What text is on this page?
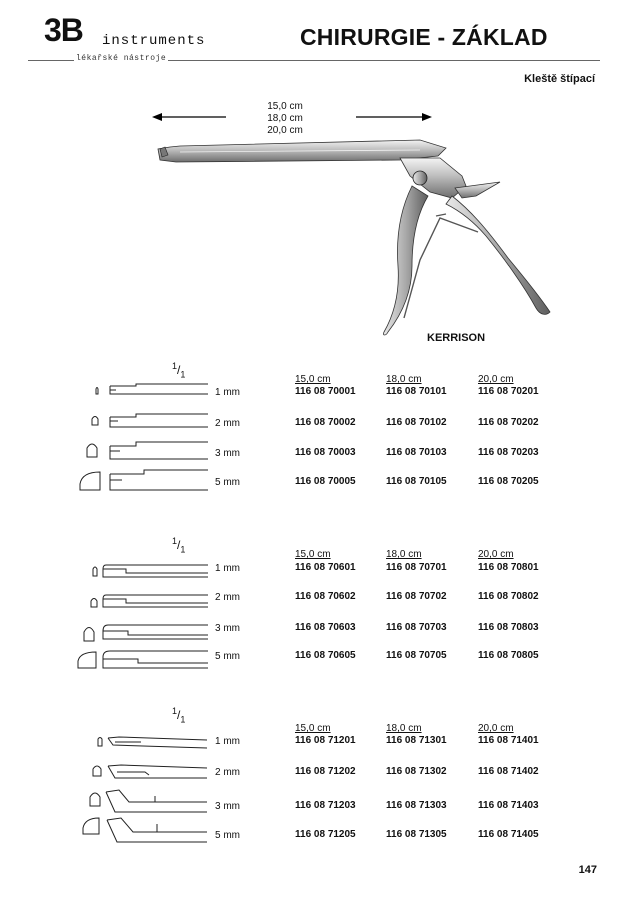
3B instruments
lékařské nástroje
CHIRURGIE - ZÁKLAD
Kleště štípací
15,0 cm
18,0 cm
20,0 cm
KERRISON
$^1/_1$	15,0 cm	18,0 cm	20,0 cm
1 mm	116 08 70001	116 08 70101	116 08 70201
2 mm	116 08 70002	116 08 70102	116 08 70202
3 mm	116 08 70003	116 08 70103	116 08 70203
5 mm	116 08 70005	116 08 70105	116 08 70205
$^1/_1$	15,0 cm	18,0 cm	20,0 cm
1 mm	116 08 70601	116 08 70701	116 08 70801
2 mm	116 08 70602	116 08 70702	116 08 70802
3 mm	116 08 70603	116 08 70703	116 08 70803
5 mm	116 08 70605	116 08 70705	116 08 70805
$^1/_1$
15,0 cm	18,0 cm	20,0 cm
1 mm	116 08 71201	116 08 71301	116 08 71401
2 mm	116 08 71202	116 08 71302	116 08 71402
3 mm	116 08 71203	116 08 71303	116 08 71403
5 mm	116 08 71205	116 08 71305	116 08 71405
147
